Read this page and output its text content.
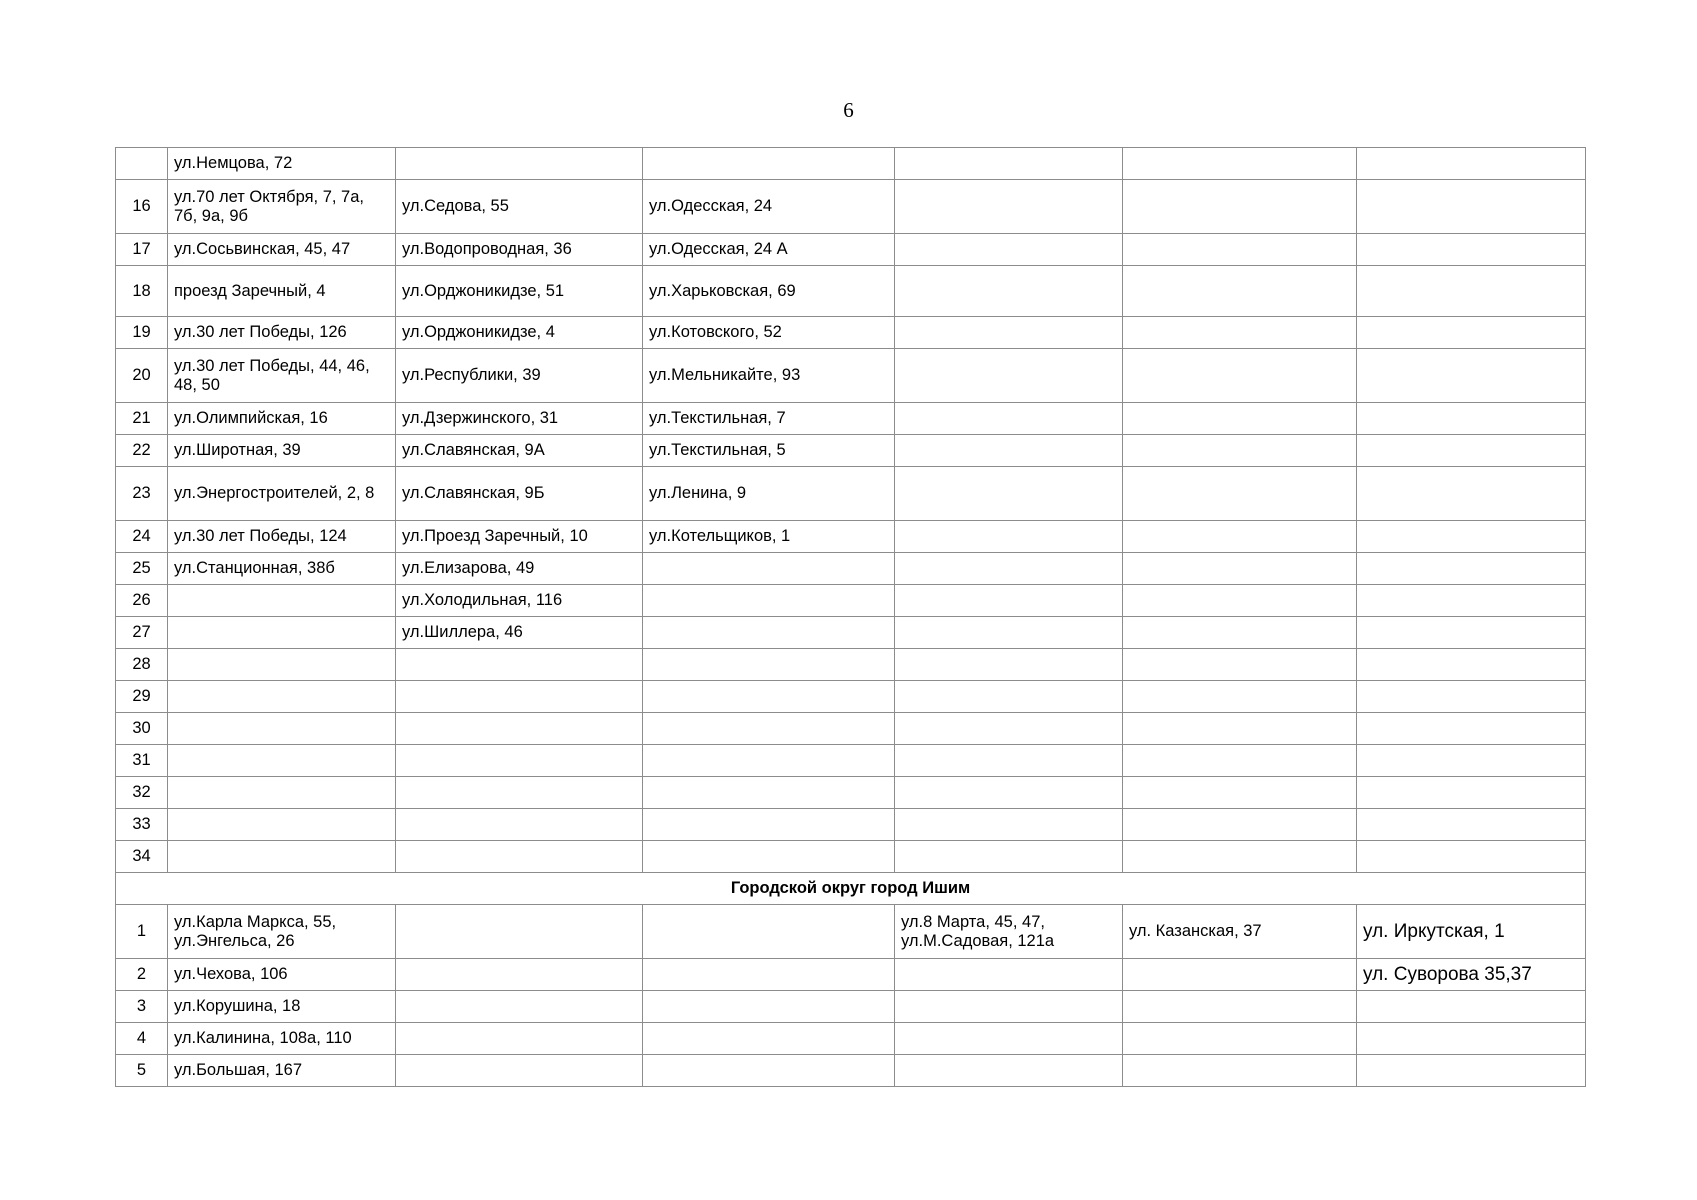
6
	ул.Немцова, 72					
16	ул.70 лет Октября, 7, 7а, 7б, 9а, 9б	ул.Седова, 55	ул.Одесская, 24			
17	ул.Сосьвинская, 45, 47	ул.Водопроводная, 36	ул.Одесская, 24 А			
18	проезд Заречный, 4	ул.Орджоникидзе, 51	ул.Харьковская, 69			
19	ул.30 лет Победы, 126	ул.Орджоникидзе, 4	ул.Котовского, 52			
20	ул.30 лет Победы, 44, 46, 48, 50	ул.Республики, 39	ул.Мельникайте, 93			
21	ул.Олимпийская, 16	ул.Дзержинского, 31	ул.Текстильная, 7			
22	ул.Широтная, 39	ул.Славянская, 9А	ул.Текстильная, 5			
23	ул.Энергостроителей, 2, 8	ул.Славянская, 9Б	ул.Ленина, 9			
24	ул.30 лет Победы, 124	ул.Проезд Заречный, 10	ул.Котельщиков, 1			
25	ул.Станционная, 38б	ул.Елизарова, 49				
26		ул.Холодильная, 116				
27		ул.Шиллера, 46				
28						
29						
30						
31						
32						
33						
34						
Городской округ город Ишим						
1	ул.Карла Маркса, 55, ул.Энгельса, 26			ул.8 Марта, 45, 47, ул.М.Садовая, 121а	ул. Казанская, 37	ул. Иркутская, 1
2	ул.Чехова, 106					ул. Суворова 35,37
3	ул.Корушина, 18					
4	ул.Калинина, 108а, 110					
5	ул.Большая, 167					
